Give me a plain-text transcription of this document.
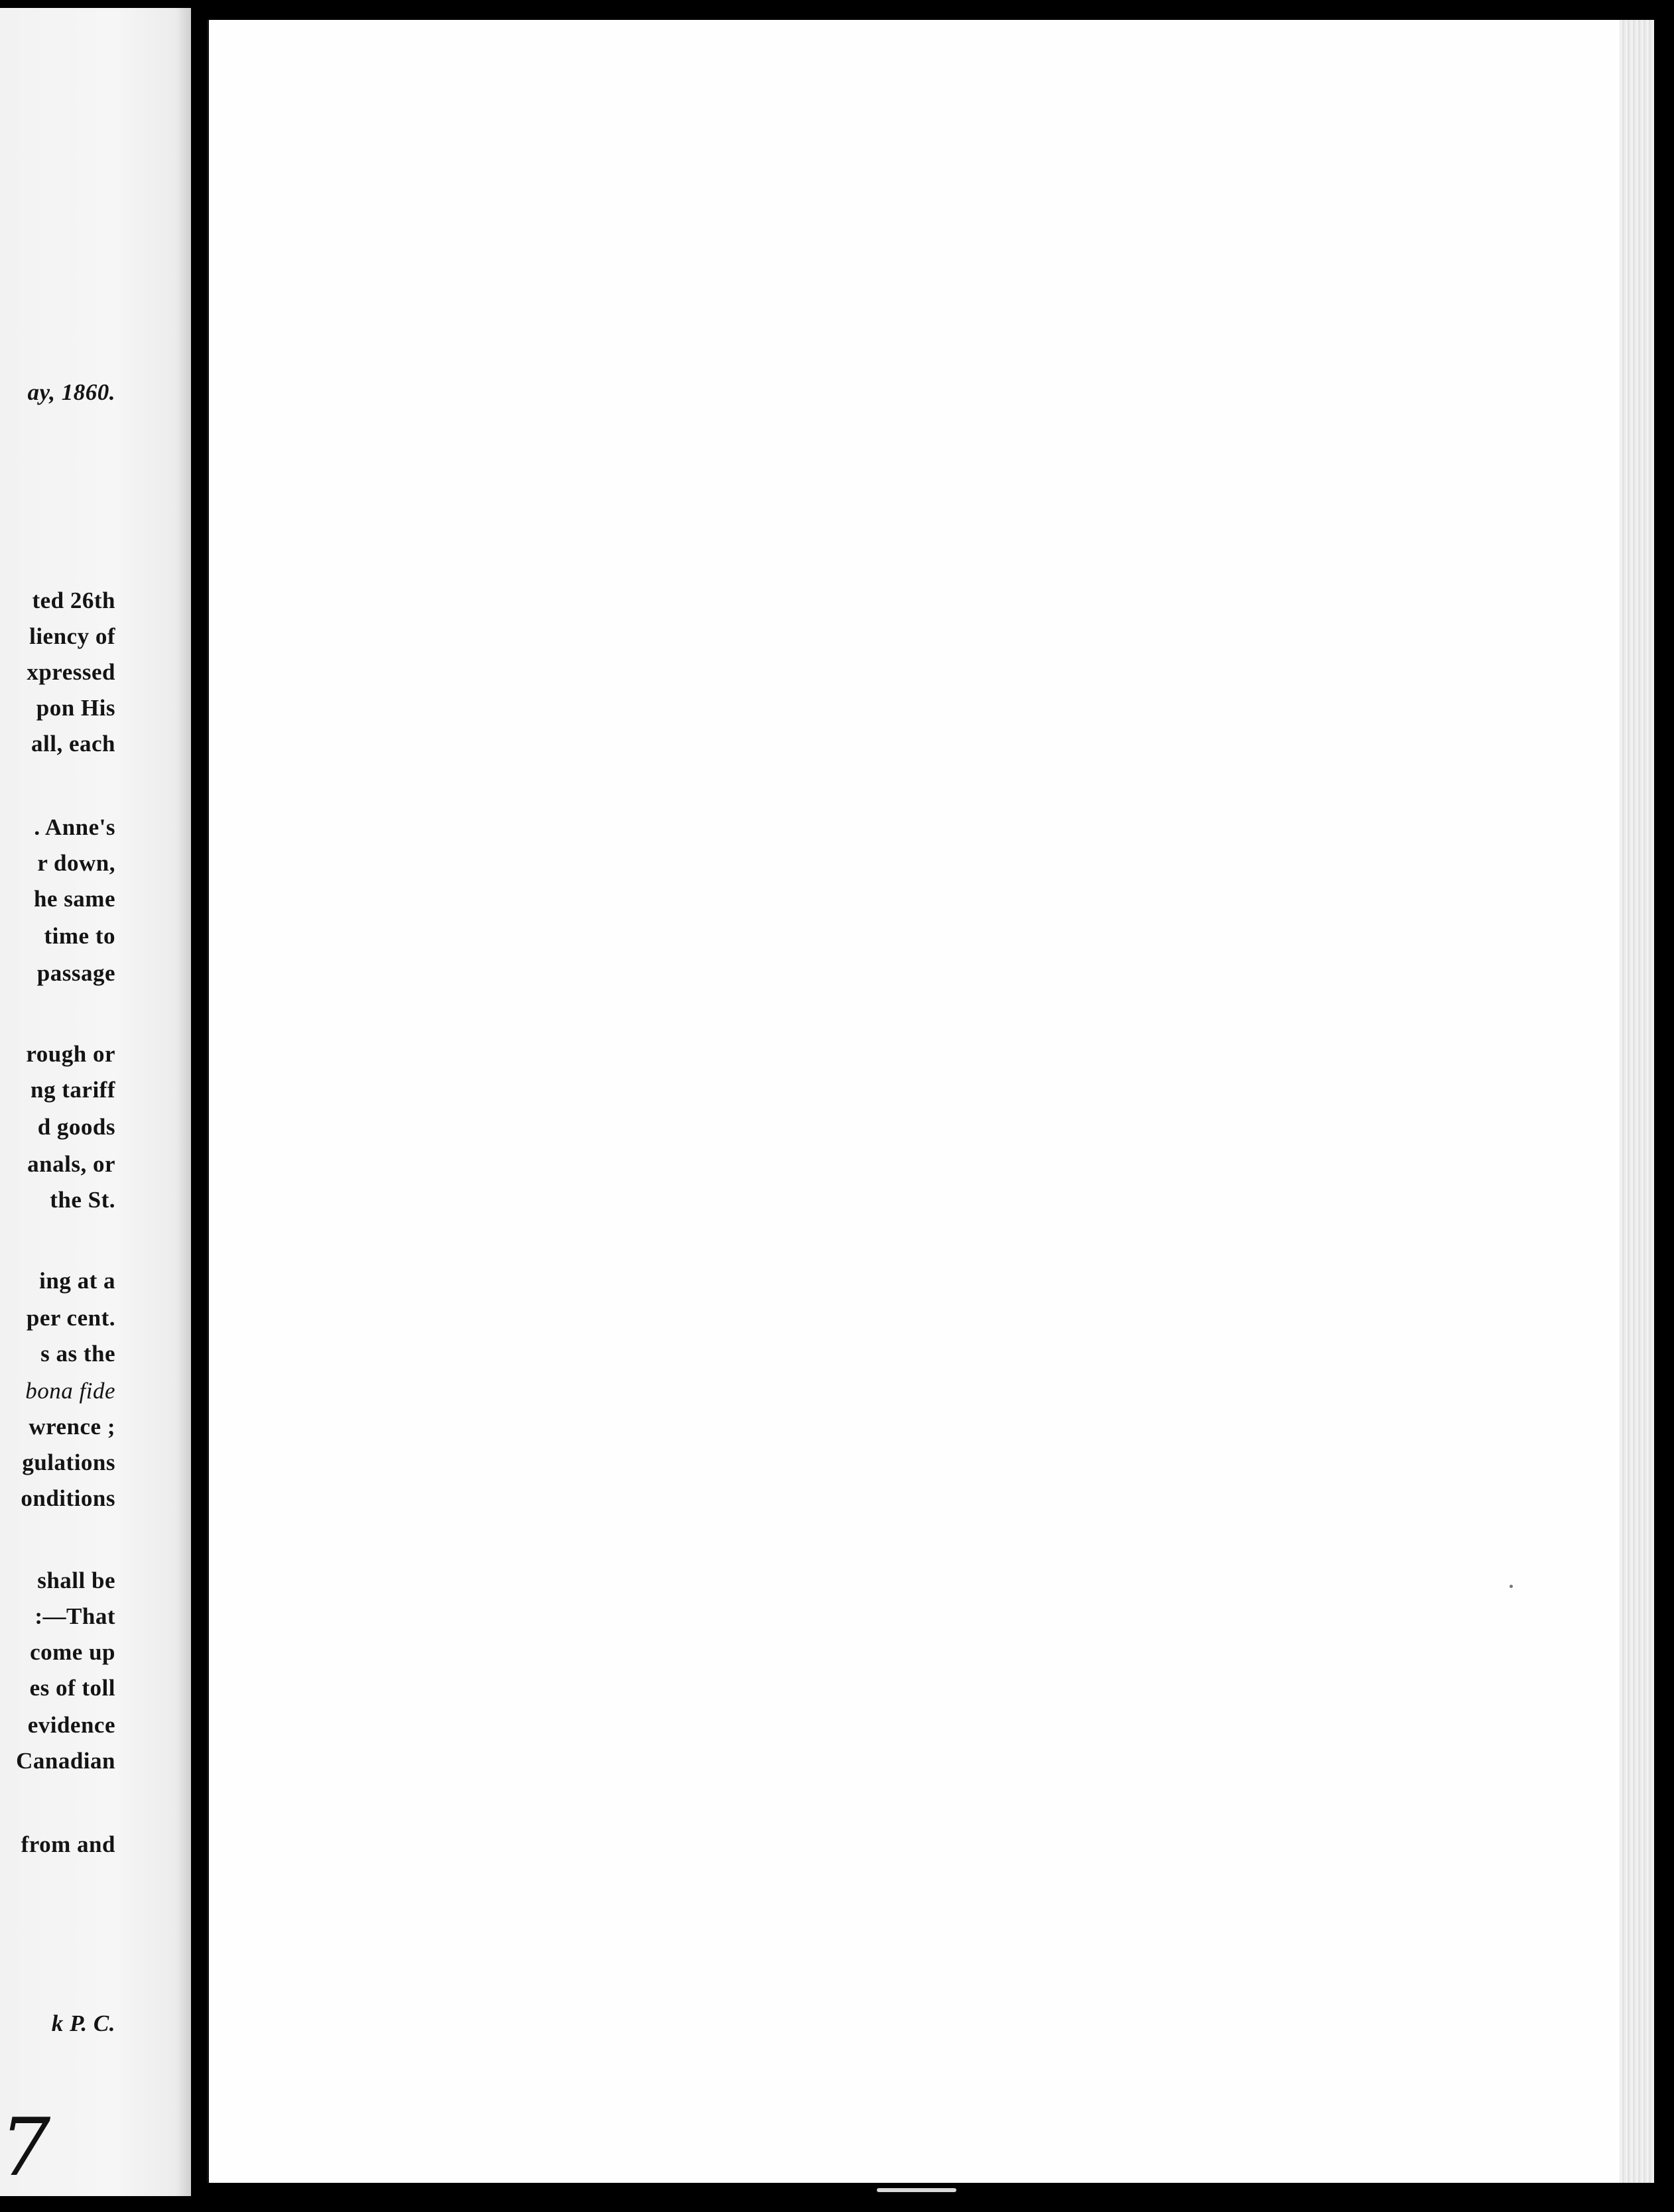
ay, 1860.
ted 26th
liency of
xpressed
pon His
all, each
. Anne's
r down,
he same
time to
passage
rough or
ng tariff
d goods
anals, or
the St.
ing at a
per cent.
s as the
bona fide
wrence ;
gulations
onditions
shall be
:—That
come up
es of toll
evidence
Canadian
from and
k P. C.
7
